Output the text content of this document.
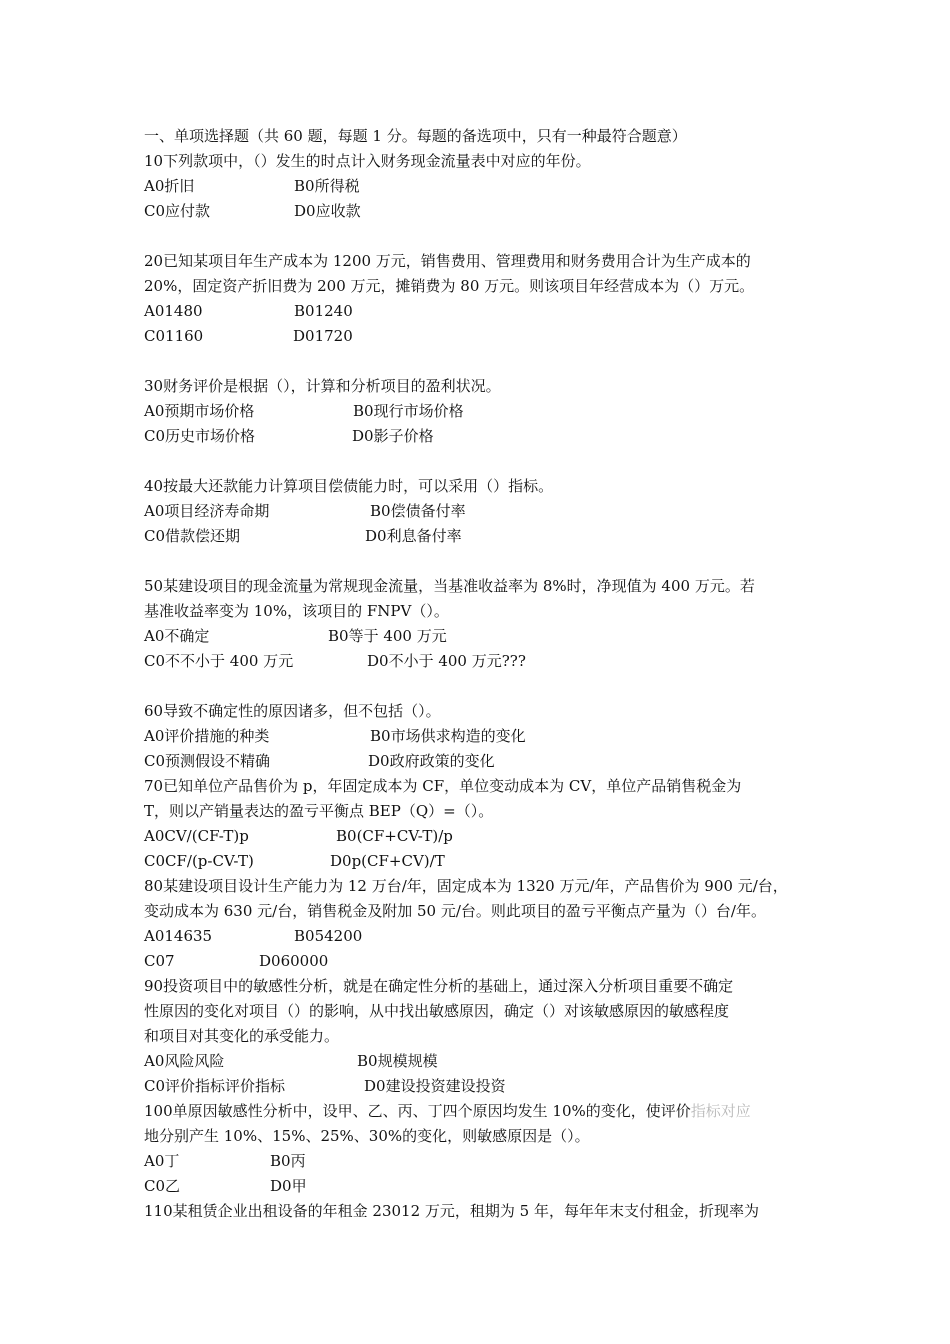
一、单项选择题（共 60 题，每题 1 分。每题的备选项中，只有一种最符合题意）
10下列款项中，（）发生的时点计入财务现金流量表中对应的年份。
A0折旧	B0所得税
C0应付款	D0应收款
20已知某项目年生产成本为 1200 万元，销售费用、管理费用和财务费用合计为生产成本的
20%，固定资产折旧费为 200 万元，摊销费为 80 万元。则该项目年经营成本为（）万元。
A01480	B01240
C01160	D01720
30财务评价是根据（），计算和分析项目的盈利状况。
A0预期市场价格	B0现行市场价格
C0历史市场价格	D0影子价格
40按最大还款能力计算项目偿债能力时，可以采用（）指标。
A0项目经济寿命期	B0偿债备付率
C0借款偿还期	D0利息备付率
50某建设项目的现金流量为常规现金流量，当基准收益率为 8%时，净现值为 400 万元。若
基准收益率变为 10%，该项目的 FNPV（）。
A0不确定	B0等于 400 万元
C0不不小于 400 万元	D0不小于 400 万元???
60导致不确定性的原因诸多，但不包括（）。
A0评价措施的种类	B0市场供求构造的变化
C0预测假设不精确	D0政府政策的变化
70已知单位产品售价为 p，年固定成本为 CF，单位变动成本为 CV，单位产品销售税金为
T，则以产销量表达的盈亏平衡点 BEP（Q）=（）。
A0CV/(CF-T)p	B0(CF+CV-T)/p
C0CF/(p-CV-T)	D0p(CF+CV)/T
80某建设项目设计生产能力为 12 万台/年，固定成本为 1320 万元/年，产品售价为 900 元/台，
变动成本为 630 元/台，销售税金及附加 50 元/台。则此项目的盈亏平衡点产量为（）台/年。
A014635	B054200
C07	D060000
90投资项目中的敏感性分析，就是在确定性分析的基础上，通过深入分析项目重要不确定
性原因的变化对项目（）的影响，从中找出敏感原因，确定（）对该敏感原因的敏感程度
和项目对其变化的承受能力。
A0风险风险	B0规模规模
C0评价指标评价指标	D0建设投资建设投资
100单原因敏感性分析中，设甲、乙、丙、丁四个原因均发生 10%的变化，使评价指标对应
地分别产生 10%、15%、25%、30%的变化，则敏感原因是（）。
A0丁	B0丙
C0乙	D0甲
110某租赁企业出租设备的年租金 23012 万元，租期为 5 年，每年年末支付租金，折现率为
